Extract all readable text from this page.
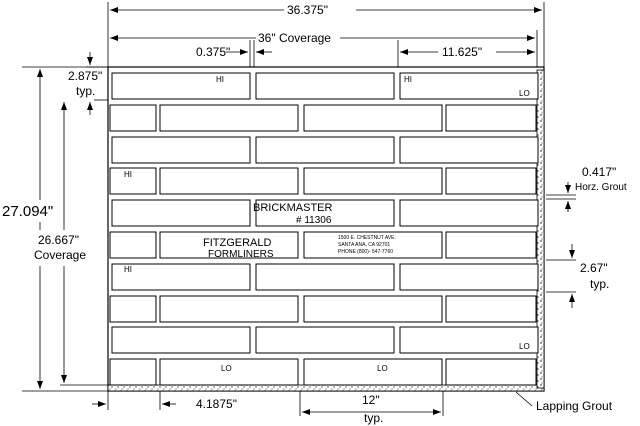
HI	HI
LO
HI
HI
LO
LO	LO
BRICKMASTER
# 11306
FITZGERALD
FORMLINERS
1500 E. CHESTNUT AVE.
SANTA ANA, CA 92701
PHONE (800)- 547-7760
36.375"
36" Coverage
0.375"	11.625"
27.094"
26.667"
Coverage
2.875"
typ.
0.417"
Horz. Grout
2.67"
typ.
4.1875"	12"
typ.
Lapping Grout
